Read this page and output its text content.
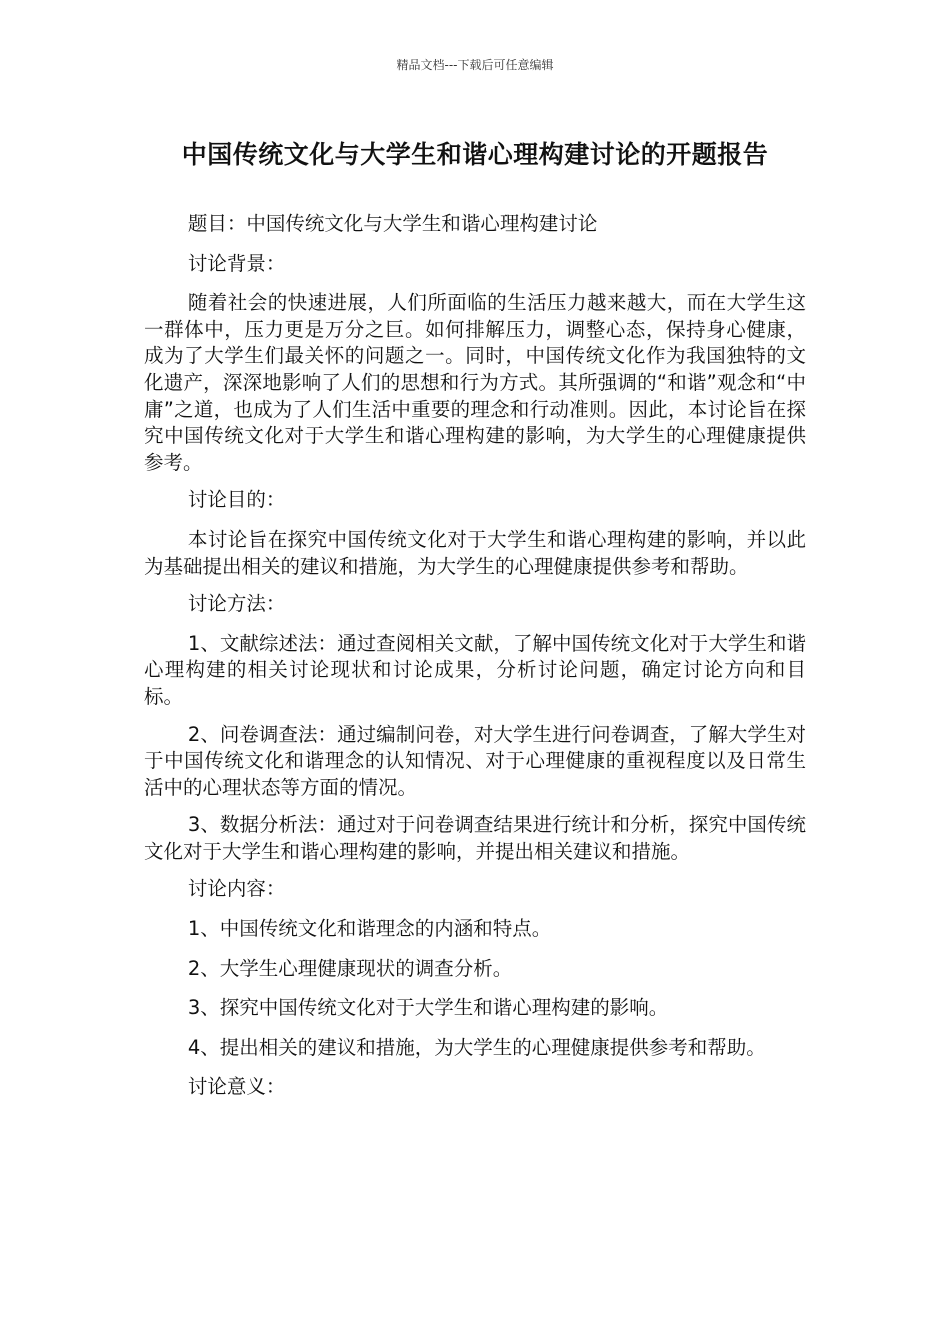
精品文档---下载后可任意编辑
中国传统文化与大学生和谐心理构建讨论的开题报告

题目：中国传统文化与大学生和谐心理构建讨论

讨论背景：

随着社会的快速进展，人们所面临的生活压力越来越大，而在大学生这一群体中，压力更是万分之巨。如何排解压力，调整心态，保持身心健康，成为了大学生们最关怀的问题之一。同时，中国传统文化作为我国独特的文化遗产，深深地影响了人们的思想和行为方式。其所强调的“和谐”观念和“中庸”之道，也成为了人们生活中重要的理念和行动准则。因此，本讨论旨在探究中国传统文化对于大学生和谐心理构建的影响，为大学生的心理健康提供参考。

讨论目的：

本讨论旨在探究中国传统文化对于大学生和谐心理构建的影响，并以此为基础提出相关的建议和措施，为大学生的心理健康提供参考和帮助。

讨论方法：

1、文献综述法：通过查阅相关文献，了解中国传统文化对于大学生和谐心理构建的相关讨论现状和讨论成果，分析讨论问题，确定讨论方向和目标。

2、问卷调查法：通过编制问卷，对大学生进行问卷调查，了解大学生对于中国传统文化和谐理念的认知情况、对于心理健康的重视程度以及日常生活中的心理状态等方面的情况。

3、数据分析法：通过对于问卷调查结果进行统计和分析，探究中国传统文化对于大学生和谐心理构建的影响，并提出相关建议和措施。

讨论内容：

1、中国传统文化和谐理念的内涵和特点。

2、大学生心理健康现状的调查分析。

3、探究中国传统文化对于大学生和谐心理构建的影响。

4、提出相关的建议和措施，为大学生的心理健康提供参考和帮助。

讨论意义：
